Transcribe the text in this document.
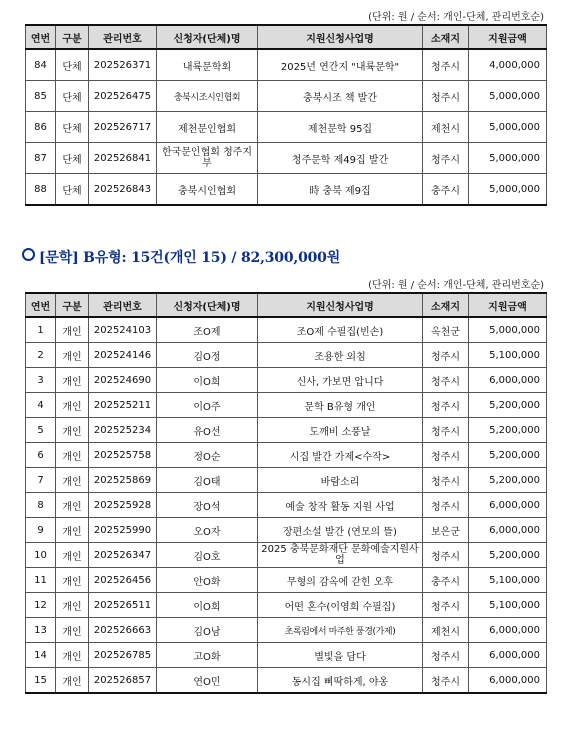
(단위: 원 / 순서: 개인-단체, 관리번호순)
연번	구분	관리번호	신청자(단체)명	지원신청사업명	소재지	지원금액
84	단체	202526371	내륙문학회	2025년 연간지 "내륙문학"	청주시	4,000,000
85	단체	202526475	충북시조시인협회	충북시조 책 발간	청주시	5,000,000
86	단체	202526717	제천문인협회	제천문학 95집	제천시	5,000,000
87	단체	202526841	한국문인협회 청주지부	청주문학 제49집 발간	청주시	5,000,000
88	단체	202526843	충북시인협회	時 충북 제9집	충주시	5,000,000
[문학] B유형: 15건(개인 15) / 82,300,000원
(단위: 원 / 순서: 개인-단체, 관리번호순)
연번	구분	관리번호	신청자(단체)명	지원신청사업명	소재지	지원금액
1	개인	202524103	조O제	조O제 수필집(빈손)	옥천군	5,000,000
2	개인	202524146	김O정	조용한 외침	청주시	5,100,000
3	개인	202524690	이O희	신사, 가보면 압니다	청주시	6,000,000
4	개인	202525211	이O주	문학 B유형 개인	청주시	5,200,000
5	개인	202525234	유O선	도깨비 소풍날	청주시	5,200,000
6	개인	202525758	정O순	시집 발간 가제<수작>	청주시	5,200,000
7	개인	202525869	김O태	바람소리	청주시	5,200,000
8	개인	202525928	장O석	예술 창작 활동 지원 사업	청주시	6,000,000
9	개인	202525990	오O자	장편소설 발간 (연모의 뜰)	보은군	6,000,000
10	개인	202526347	김O호	2025 충북문화재단 문화예술지원사업	청주시	5,200,000
11	개인	202526456	안O화	무형의 감옥에 갇힌 오후	충주시	5,100,000
12	개인	202526511	이O희	어떤 혼수(이영희 수필집)	청주시	5,100,000
13	개인	202526663	김O남	초록림에서 마주한 풍경(가제)	제천시	6,000,000
14	개인	202526785	고O화	별빛을 담다	청주시	6,000,000
15	개인	202526857	연O민	동시집 삐딱하게, 야옹	청주시	6,000,000
